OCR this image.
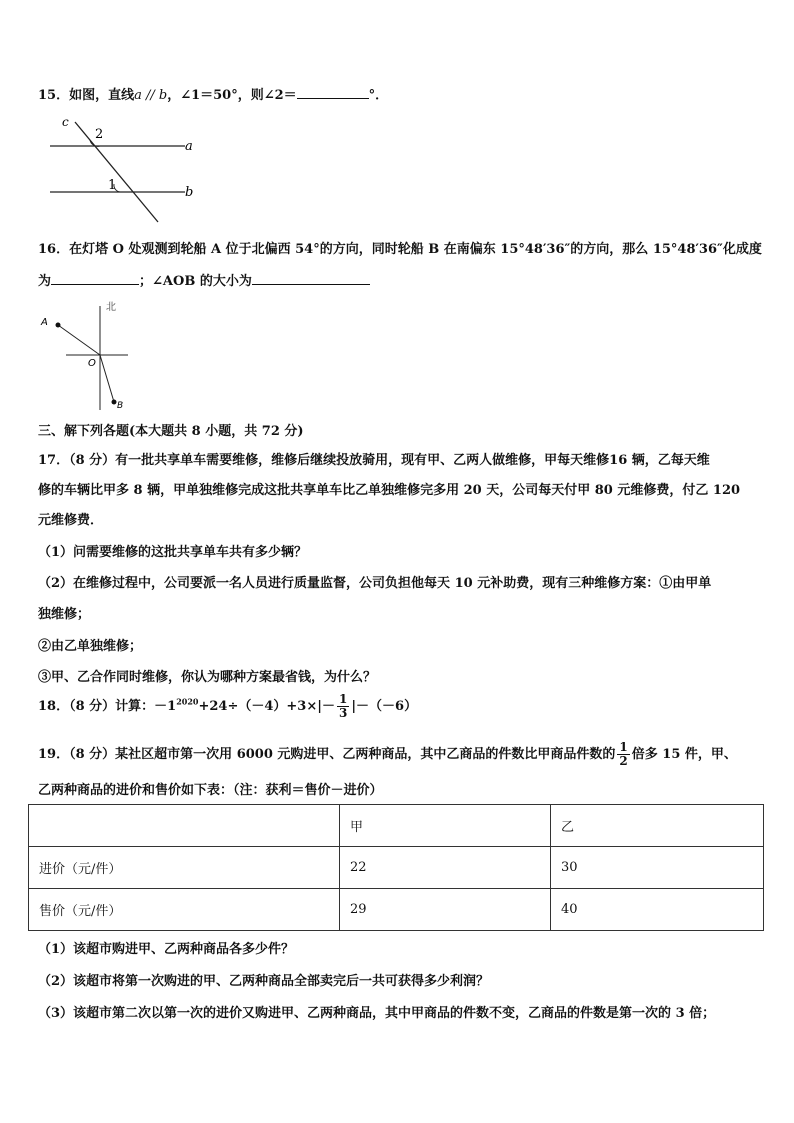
15．如图，直线a // b，∠1＝50°，则∠2＝	°．
c
2
a
1	b
16．在灯塔 O 处观测到轮船 A 位于北偏西 54°的方向，同时轮船 B 在南偏东 15°48′36″的方向，那么 15°48′36″化成度
为	；∠AOB 的大小为
北
A
O
B
三、解下列各题(本大题共 8 小题，共 72 分)
17．（8 分）有一批共享单车需要维修，维修后继续投放骑用，现有甲、乙两人做维修，甲每天维修16 辆，乙每天维
修的车辆比甲多 8 辆，甲单独维修完成这批共享单车比乙单独维修完多用 20 天，公司每天付甲 80 元维修费，付乙 120
元维修费．
（1）问需要维修的这批共享单车共有多少辆？
（2）在维修过程中，公司要派一名人员进行质量监督，公司负担他每天 10 元补助费，现有三种维修方案：①由甲单
独维修；
②由乙单独维修；
③甲、乙合作同时维修，你认为哪种方案最省钱，为什么？
18．（8 分）计算：$-1^{2020}+24\div(-4)+3\times|- \frac{1}{3} |-(-6)$
19．（8 分）某社区超市第一次用 6000 元购进甲、乙两种商品，其中乙商品的件数比甲商品件数的 $\frac{1}{2}$ 倍多 15 件，甲、
乙两种商品的进价和售价如下表：（注：获利＝售价－进价）
	甲	乙
进价（元/件）	22	30
售价（元/件）	29	40
（1）该超市购进甲、乙两种商品各多少件？
（2）该超市将第一次购进的甲、乙两种商品全部卖完后一共可获得多少利润？
（3）该超市第二次以第一次的进价又购进甲、乙两种商品，其中甲商品的件数不变，乙商品的件数是第一次的 3 倍；
